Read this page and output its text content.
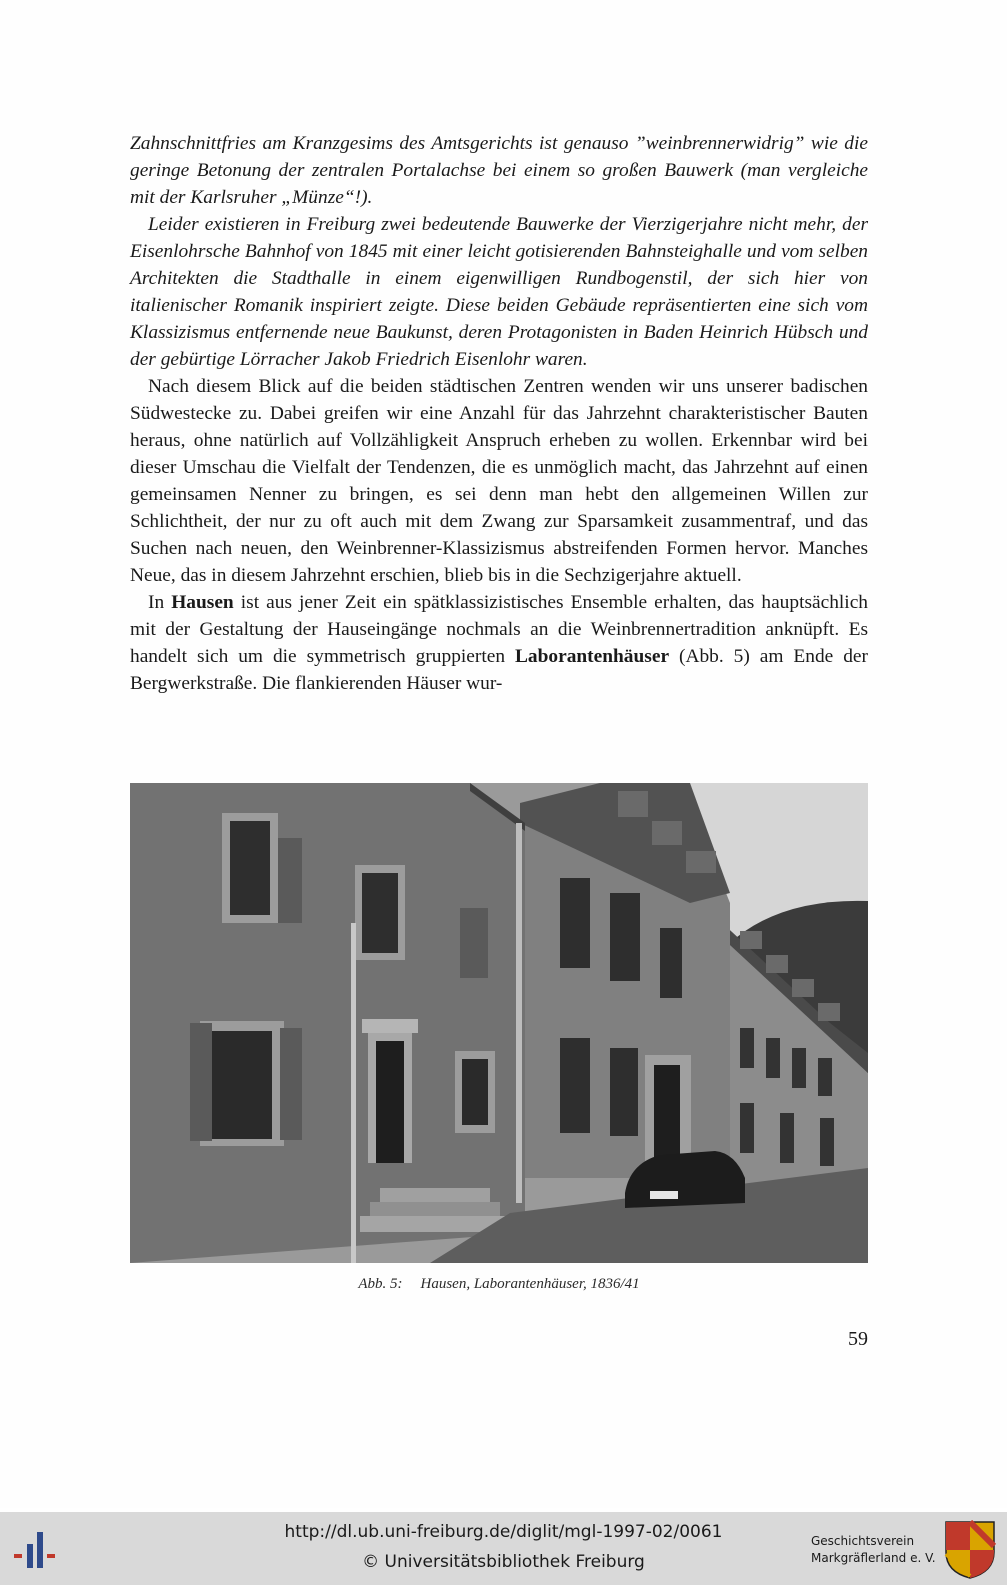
Zahnschnittfries am Kranzgesims des Amtsgerichts ist genauso ”weinbrennerwidrig” wie die geringe Betonung der zentralen Portalachse bei einem so großen Bauwerk (man vergleiche mit der Karlsruher „Münze“!).

Leider existieren in Freiburg zwei bedeutende Bauwerke der Vierzigerjahre nicht mehr, der Eisenlohrsche Bahnhof von 1845 mit einer leicht gotisierenden Bahnsteighalle und vom selben Architekten die Stadthalle in einem eigenwilligen Rundbogenstil, der sich hier von italienischer Romanik inspiriert zeigte. Diese beiden Gebäude repräsentierten eine sich vom Klassizismus entfernende neue Baukunst, deren Protagonisten in Baden Heinrich Hübsch und der gebürtige Lörracher Jakob Friedrich Eisenlohr waren.

Nach diesem Blick auf die beiden städtischen Zentren wenden wir uns unserer badischen Südwestecke zu. Dabei greifen wir eine Anzahl für das Jahrzehnt charakteristischer Bauten heraus, ohne natürlich auf Vollzähligkeit Anspruch erheben zu wollen. Erkennbar wird bei dieser Umschau die Vielfalt der Tendenzen, die es unmöglich macht, das Jahrzehnt auf einen gemeinsamen Nenner zu bringen, es sei denn man hebt den allgemeinen Willen zur Schlichtheit, der nur zu oft auch mit dem Zwang zur Sparsamkeit zusammentraf, und das Suchen nach neuen, den Weinbrenner-Klassizismus abstreifenden Formen hervor. Manches Neue, das in diesem Jahrzehnt erschien, blieb bis in die Sechzigerjahre aktuell.

In Hausen ist aus jener Zeit ein spätklassizistisches Ensemble erhalten, das hauptsächlich mit der Gestaltung der Hauseingänge nochmals an die Weinbrennertradition anknüpft. Es handelt sich um die symmetrisch gruppierten Laborantenhäuser (Abb. 5) am Ende der Bergwerkstraße. Die flankierenden Häuser wur-

Abb. 5: Hausen, Laborantenhäuser, 1836/41
59
http://dl.ub.uni-freiburg.de/diglit/mgl-1997-02/0061
© Universitätsbibliothek Freiburg
Geschichtsverein
Markgräflerland e. V.
